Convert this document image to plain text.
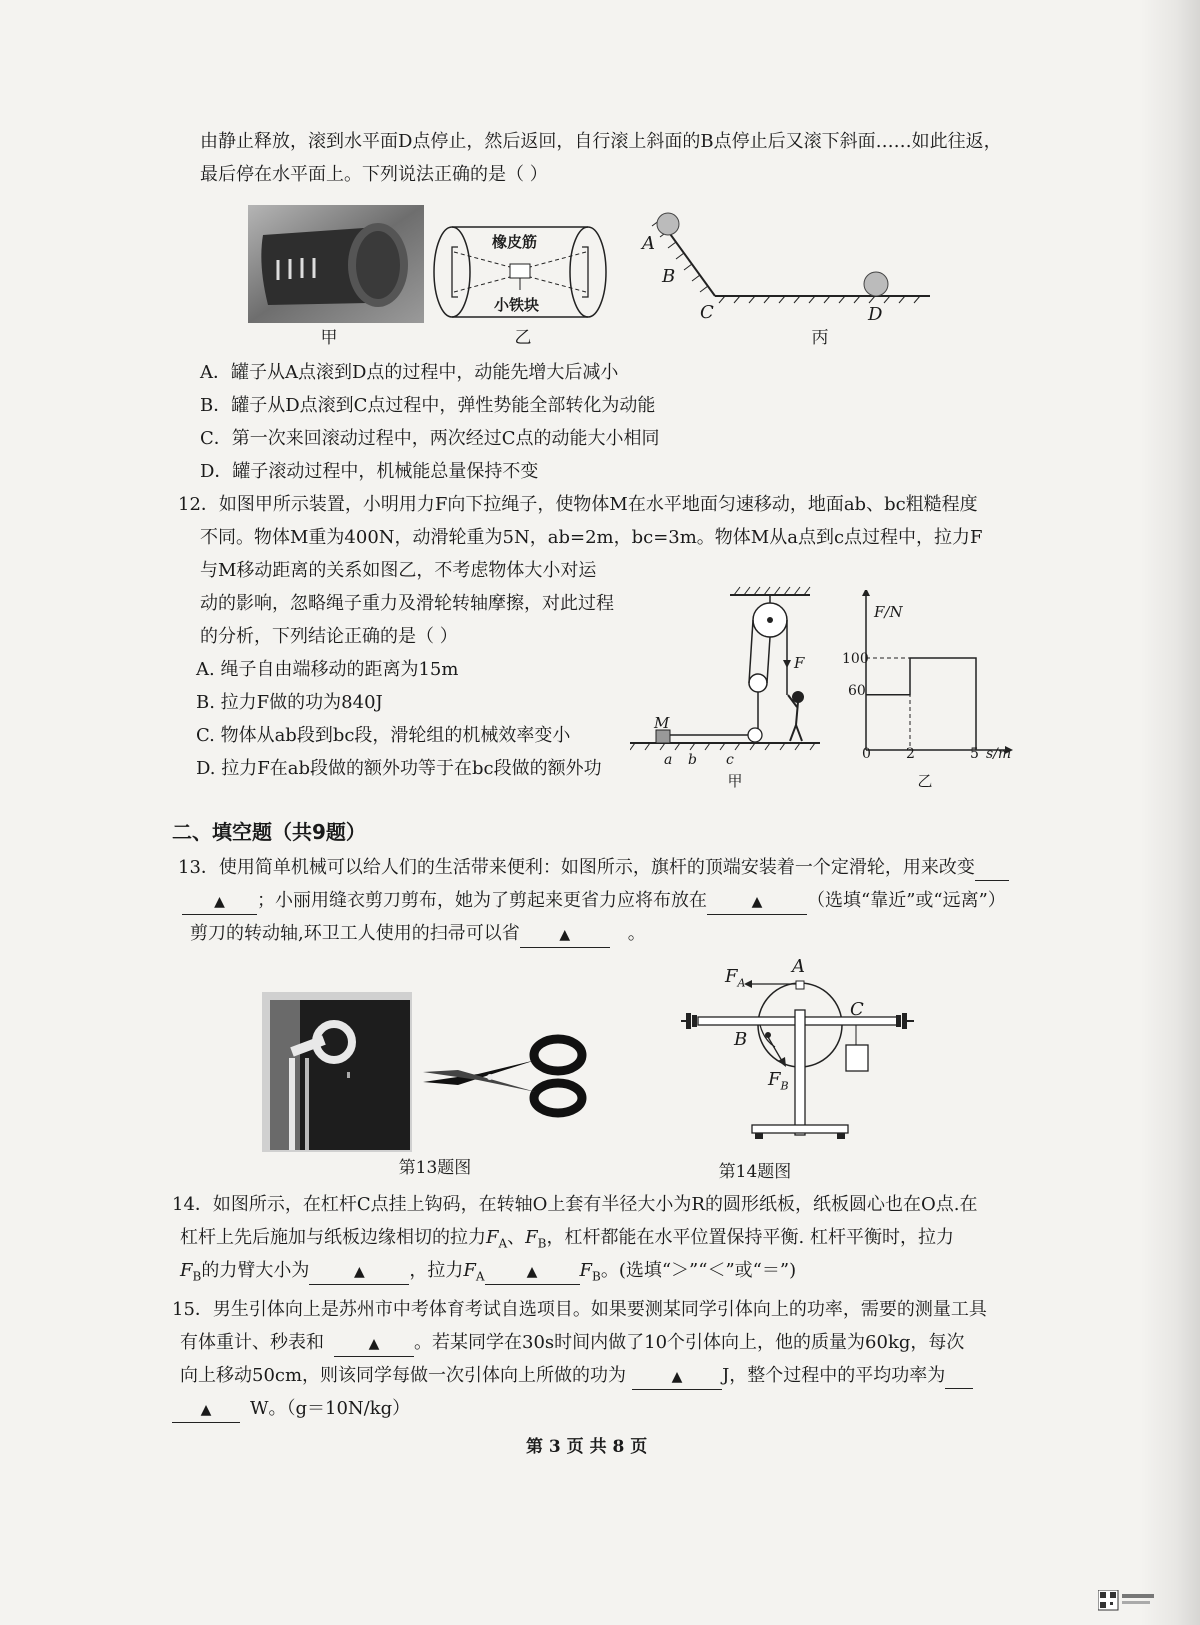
由静止释放，滚到水平面D点停止，然后返回，自行滚上斜面的B点停止后又滚下斜面……如此往返，
最后停在水平面上。下列说法正确的是（ ）
甲
橡皮筋
小铁块
乙
A
B
C	D
丙
A．罐子从A点滚到D点的过程中，动能先增大后减小
B．罐子从D点滚到C点过程中，弹性势能全部转化为动能
C．第一次来回滚动过程中，两次经过C点的动能大小相同
D．罐子滚动过程中，机械能总量保持不变
12．如图甲所示装置，小明用力F向下拉绳子，使物体M在水平地面匀速移动，地面ab、bc粗糙程度
不同。物体M重为400N，动滑轮重为5N，ab=2m，bc=3m。物体M从a点到c点过程中，拉力F
与M移动距离的关系如图乙，不考虑物体大小对运
动的影响，忽略绳子重力及滑轮转轴摩擦，对此过程
的分析，下列结论正确的是（ ）
A. 绳子自由端移动的距离为15m
B. 拉力F做的功为840J
C. 物体从ab段到bc段，滑轮组的机械效率变小
D. 拉力F在ab段做的额外功等于在bc段做的额外功
M
F
a b c
甲
F/N
100
60
0	2	5 s/m
乙
二、填空题（共9题）
13．使用简单机械可以给人们的生活带来便利：如图所示，旗杆的顶端安装着一个定滑轮，用来改变
▲ ；小丽用缝衣剪刀剪布，她为了剪起来更省力应将布放在	▲ （选填“靠近”或“远离”）
剪刀的转动轴,环卫工人使用的扫帚可以省	▲	。
第13题图
$F_A$
A
C
B
$F_B$
第14题图
14．如图所示，在杠杆C点挂上钩码，在转轴O上套有半径大小为R的圆形纸板，纸板圆心也在O点.在
杠杆上先后施加与纸板边缘相切的拉力$F_A$、$F_B$，杠杆都能在水平位置保持平衡. 杠杆平衡时，拉力
$F_B$的力臂大小为	▲ ，拉力$F_A$	▲ $F_B$。(选填“＞”“＜”或“＝”)
15．男生引体向上是苏州市中考体育考试自选项目。如果要测某同学引体向上的功率，需要的测量工具
有体重计、秒表和	▲ 。若某同学在30s时间内做了10个引体向上，他的质量为60kg，每次
向上移动50cm，则该同学每做一次引体向上所做的功为	▲ J，整个过程中的平均功率为
▲ W。（g＝10N/kg）
第 3 页 共 8 页
